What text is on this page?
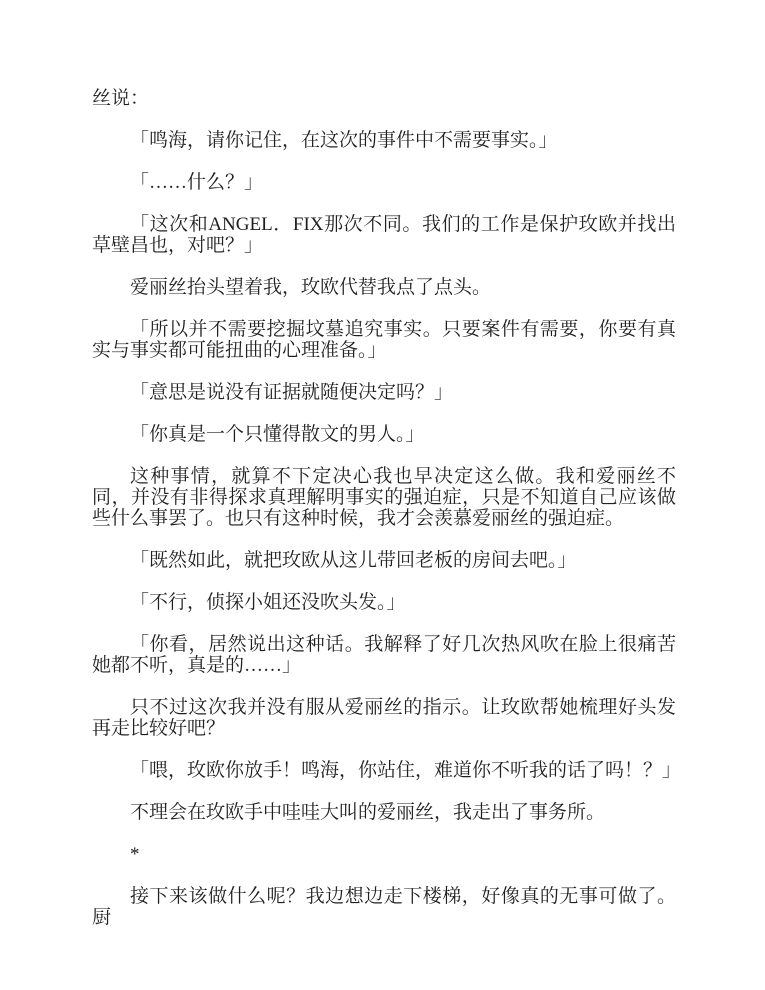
丝说：

「鸣海，请你记住，在这次的事件中不需要事实。」

「……什么？」

「这次和ANGEL．FIX那次不同。我们的工作是保护玫欧并找出草壁昌也，对吧？」

爱丽丝抬头望着我，玫欧代替我点了点头。

「所以并不需要挖掘坟墓追究事实。只要案件有需要，你要有真实与事实都可能扭曲的心理准备。」

「意思是说没有证据就随便决定吗？」

「你真是一个只懂得散文的男人。」

这种事情，就算不下定决心我也早决定这么做。我和爱丽丝不同，并没有非得探求真理解明事实的强迫症，只是不知道自己应该做些什么事罢了。也只有这种时候，我才会羡慕爱丽丝的强迫症。

「既然如此，就把玫欧从这儿带回老板的房间去吧。」

「不行，侦探小姐还没吹头发。」

「你看，居然说出这种话。我解释了好几次热风吹在脸上很痛苦她都不听，真是的……」

只不过这次我并没有服从爱丽丝的指示。让玫欧帮她梳理好头发再走比较好吧？

「喂，玫欧你放手！鸣海，你站住，难道你不听我的话了吗！？」

不理会在玫欧手中哇哇大叫的爱丽丝，我走出了事务所。

*

接下来该做什么呢？我边想边走下楼梯，好像真的无事可做了。厨
